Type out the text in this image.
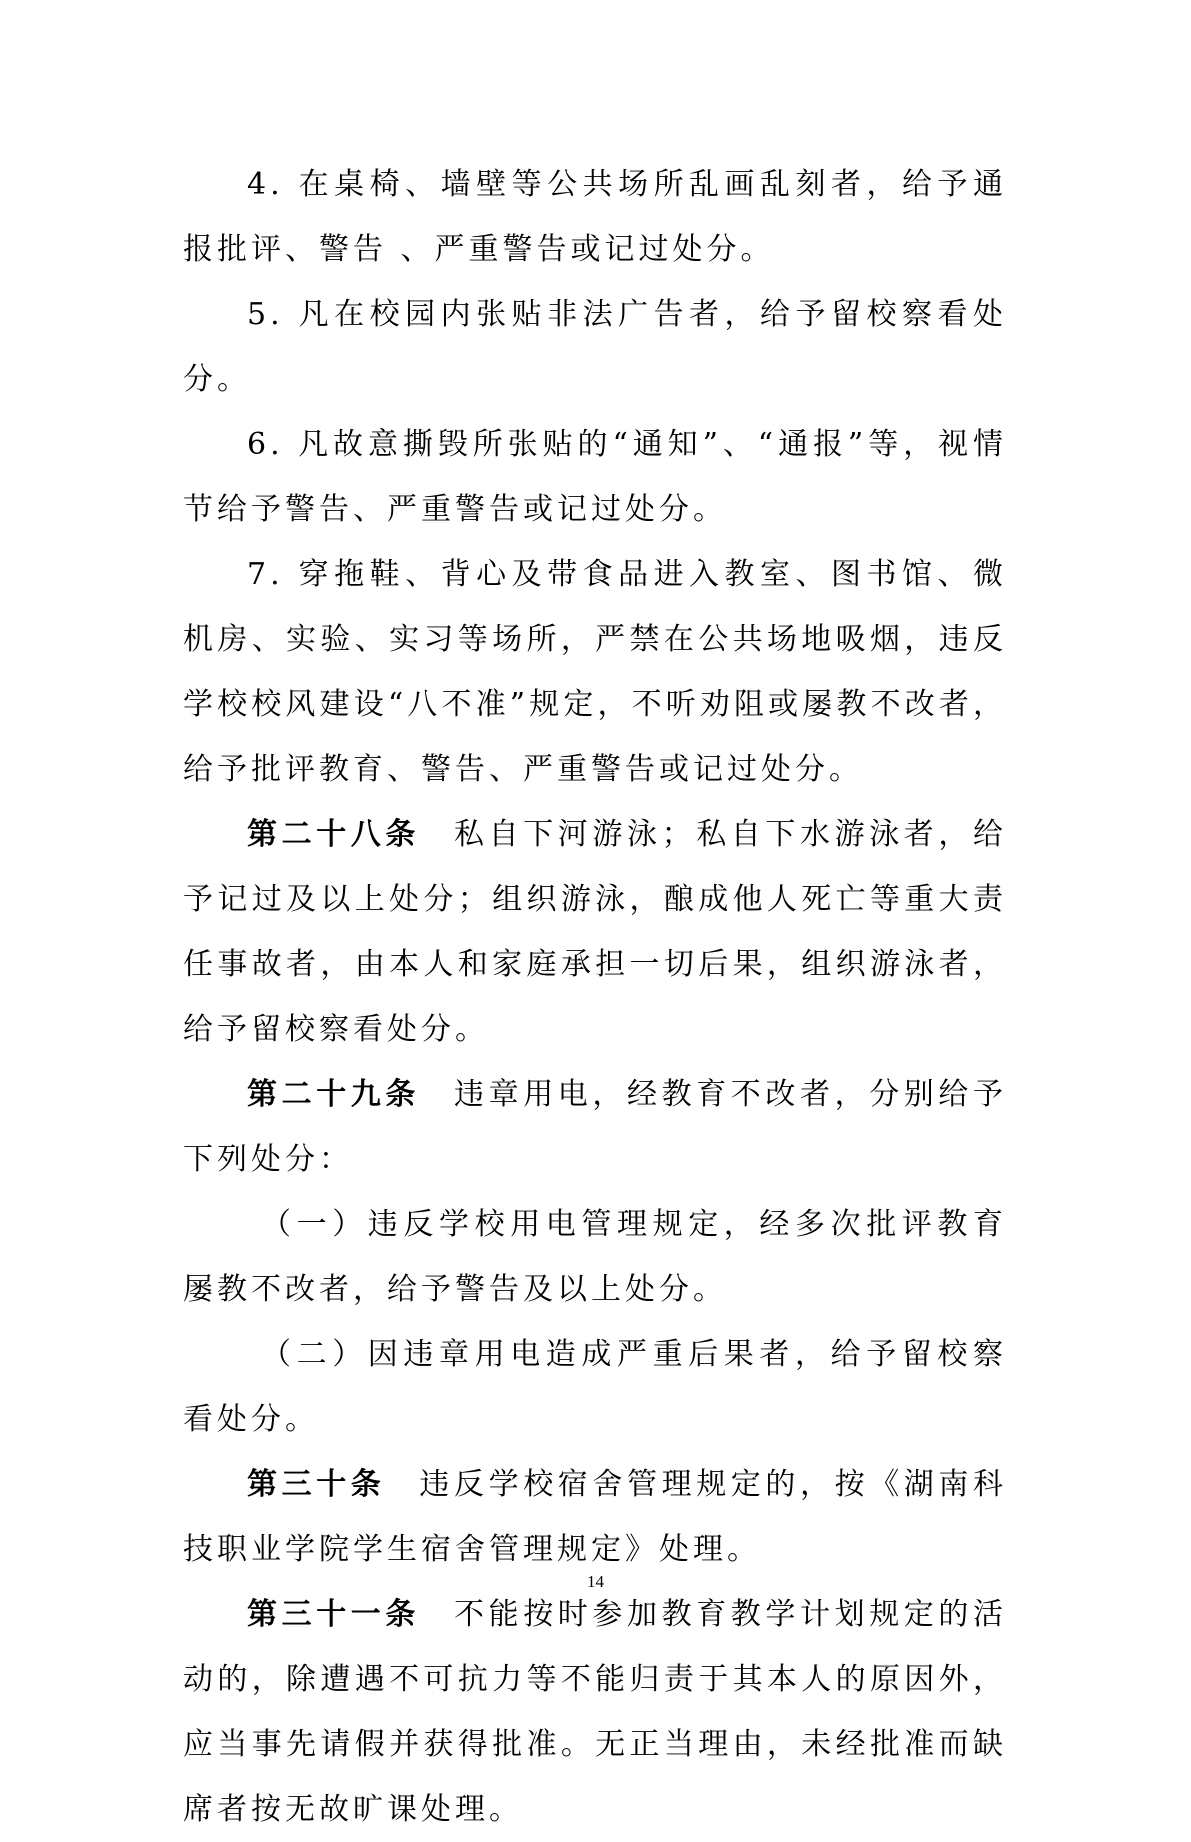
4. 在桌椅、墙壁等公共场所乱画乱刻者，给予通报批评、警告 、严重警告或记过处分。

5. 凡在校园内张贴非法广告者，给予留校察看处分。

6. 凡故意撕毁所张贴的“通知”、“通报”等，视情节给予警告、严重警告或记过处分。

7. 穿拖鞋、背心及带食品进入教室、图书馆、微机房、实验、实习等场所，严禁在公共场地吸烟，违反学校校风建设“八不准”规定，不听劝阻或屡教不改者，给予批评教育、警告、严重警告或记过处分。

第二十八条 私自下河游泳；私自下水游泳者，给予记过及以上处分；组织游泳，酿成他人死亡等重大责任事故者，由本人和家庭承担一切后果，组织游泳者，给予留校察看处分。

第二十九条 违章用电，经教育不改者，分别给予下列处分：

（一）违反学校用电管理规定，经多次批评教育屡教不改者，给予警告及以上处分。

（二）因违章用电造成严重后果者，给予留校察看处分。

第三十条 违反学校宿舍管理规定的，按《湖南科技职业学院学生宿舍管理规定》处理。

第三十一条 不能按时参加教育教学计划规定的活动的，除遭遇不可抗力等不能归责于其本人的原因外，应当事先请假并获得批准。无正当理由，未经批准而缺席者按无故旷课处理。

14
